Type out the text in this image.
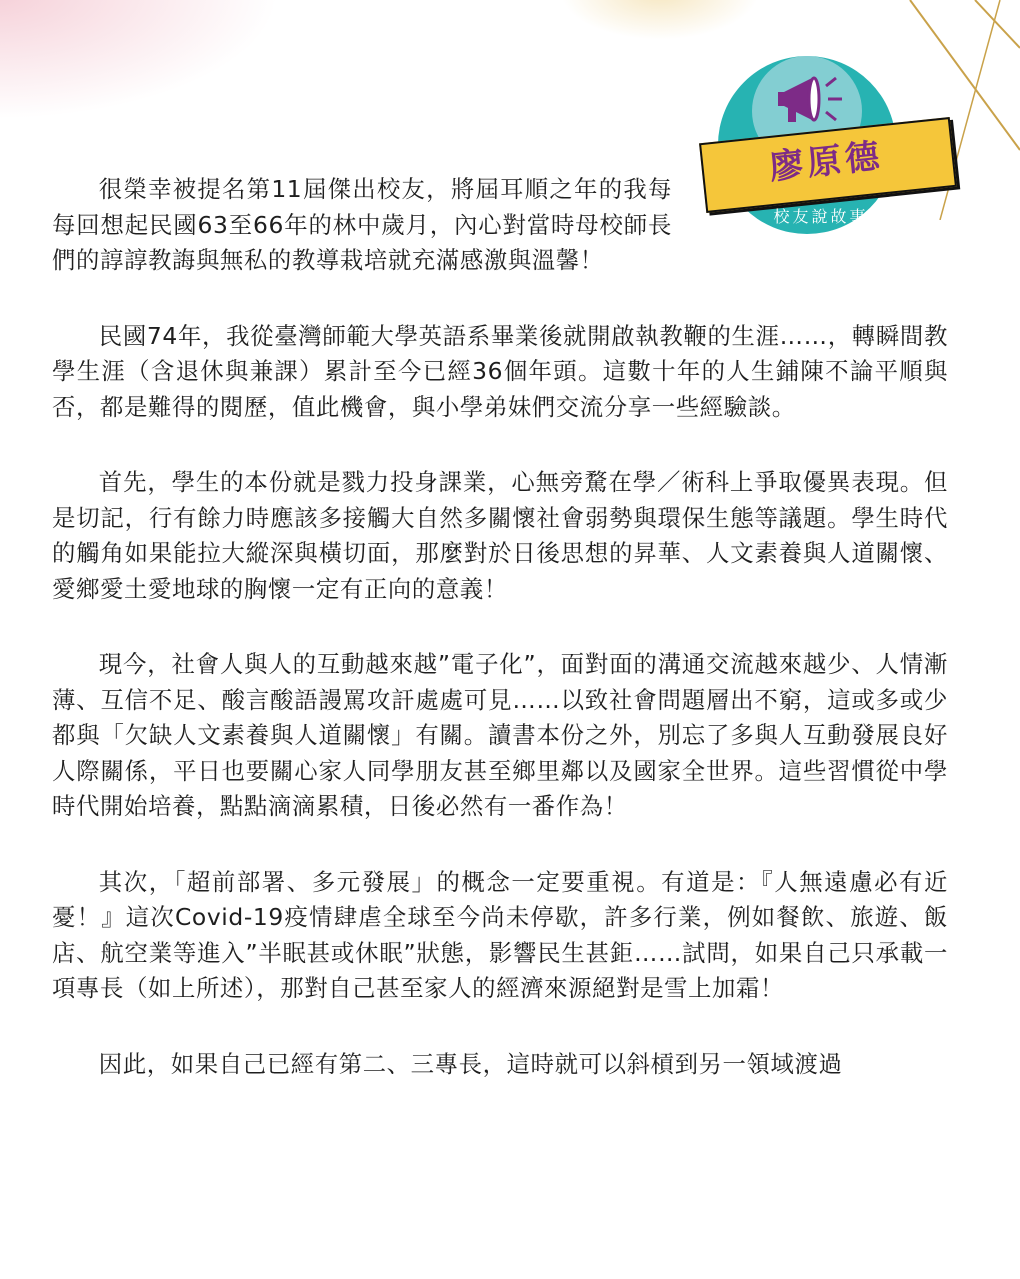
廖原德
校友說故事

很榮幸被提名第11屆傑出校友，將屆耳順之年的我每每回想起民國63至66年的林中歲月，內心對當時母校師長們的諄諄教誨與無私的教導栽培就充滿感激與溫馨！

民國74年，我從臺灣師範大學英語系畢業後就開啟執教鞭的生涯……，轉瞬間教學生涯（含退休與兼課）累計至今已經36個年頭。這數十年的人生鋪陳不論平順與否，都是難得的閱歷，值此機會，與小學弟妹們交流分享一些經驗談。

首先，學生的本份就是戮力投身課業，心無旁騖在學／術科上爭取優異表現。但是切記，行有餘力時應該多接觸大自然多關懷社會弱勢與環保生態等議題。學生時代的觸角如果能拉大縱深與橫切面，那麼對於日後思想的昇華、人文素養與人道關懷、愛鄉愛土愛地球的胸懷一定有正向的意義！

現今，社會人與人的互動越來越”電子化”，面對面的溝通交流越來越少、人情漸薄、互信不足、酸言酸語謾罵攻訐處處可見……以致社會問題層出不窮，這或多或少都與「欠缺人文素養與人道關懷」有關。讀書本份之外，別忘了多與人互動發展良好人際關係，平日也要關心家人同學朋友甚至鄉里鄰以及國家全世界。這些習慣從中學時代開始培養，點點滴滴累積，日後必然有一番作為！

其次，「超前部署、多元發展」的概念一定要重視。有道是：『人無遠慮必有近憂！』這次Covid-19疫情肆虐全球至今尚未停歇，許多行業，例如餐飲、旅遊、飯店、航空業等進入”半眠甚或休眠”狀態，影響民生甚鉅……試問，如果自己只承載一項專長（如上所述），那對自己甚至家人的經濟來源絕對是雪上加霜！

因此，如果自己已經有第二、三專長，這時就可以斜槓到另一領域渡過
